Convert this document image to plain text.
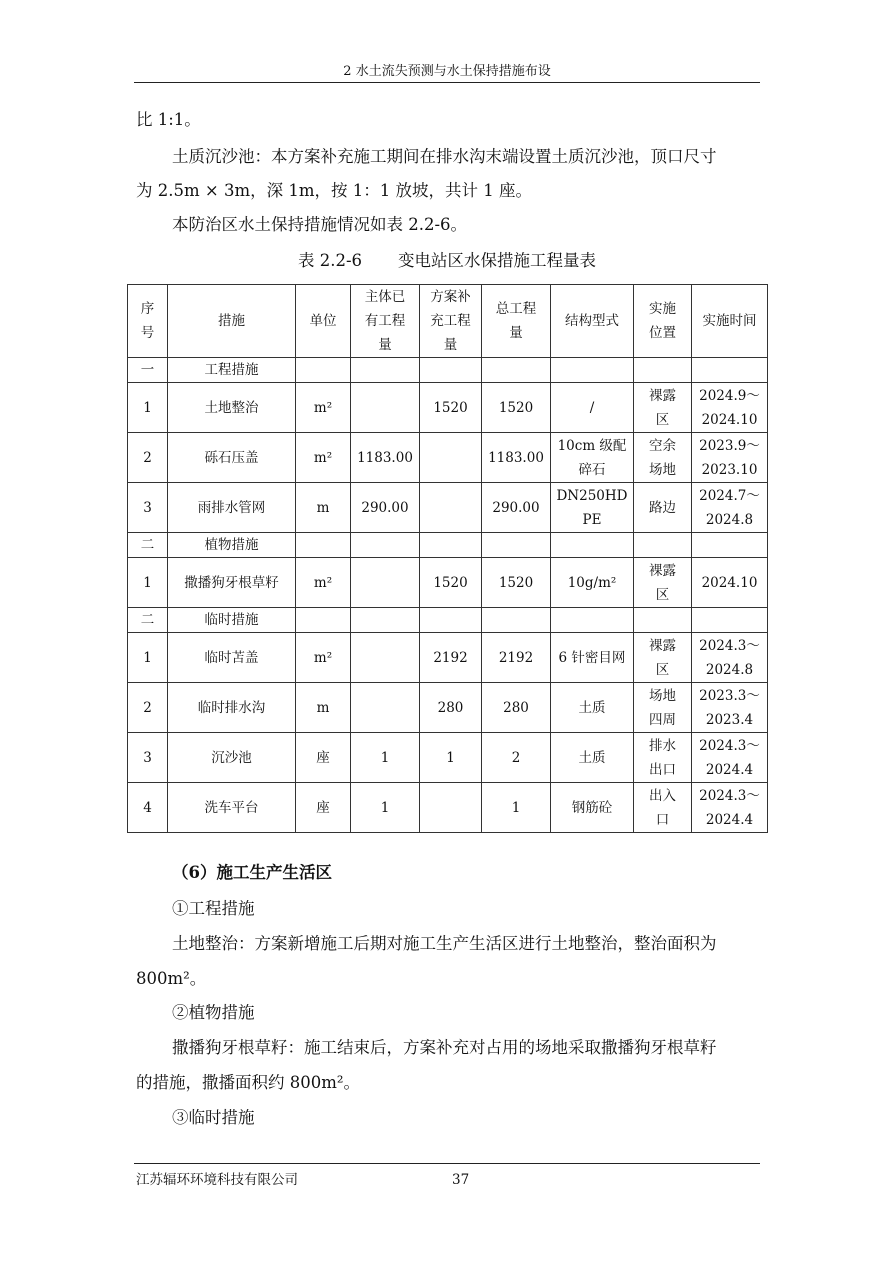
2 水土流失预测与水土保持措施布设
比 1:1。
土质沉沙池：本方案补充施工期间在排水沟末端设置土质沉沙池，顶口尺寸
为 2.5m × 3m，深 1m，按 1：1 放坡，共计 1 座。
本防治区水土保持措施情况如表 2.2-6。
表 2.2-6 变电站区水保措施工程量表
序号	措施	单位	主体已有工程量	方案补充工程量	总工程量	结构型式	实施位置	实施时间
一	工程措施							
1	土地整治	m²		1520	1520	/	裸露区	2024.9～2024.10
2	砾石压盖	m²	1183.00		1183.00	10cm 级配碎石	空余场地	2023.9～2023.10
3	雨排水管网	m	290.00		290.00	DN250HDPE	路边	2024.7～2024.8
二	植物措施							
1	撒播狗牙根草籽	m²		1520	1520	10g/m²	裸露区	2024.10
二	临时措施							
1	临时苫盖	m²		2192	2192	6 针密目网	裸露区	2024.3～2024.8
2	临时排水沟	m		280	280	土质	场地四周	2023.3～2023.4
3	沉沙池	座	1	1	2	土质	排水出口	2024.3～2024.4
4	洗车平台	座	1		1	钢筋砼	出入口	2024.3～2024.4
（6）施工生产生活区
①工程措施
土地整治：方案新增施工后期对施工生产生活区进行土地整治，整治面积为
800m²。
②植物措施
撒播狗牙根草籽：施工结束后，方案补充对占用的场地采取撒播狗牙根草籽
的措施，撒播面积约 800m²。
③临时措施
江苏辐环环境科技有限公司	37
